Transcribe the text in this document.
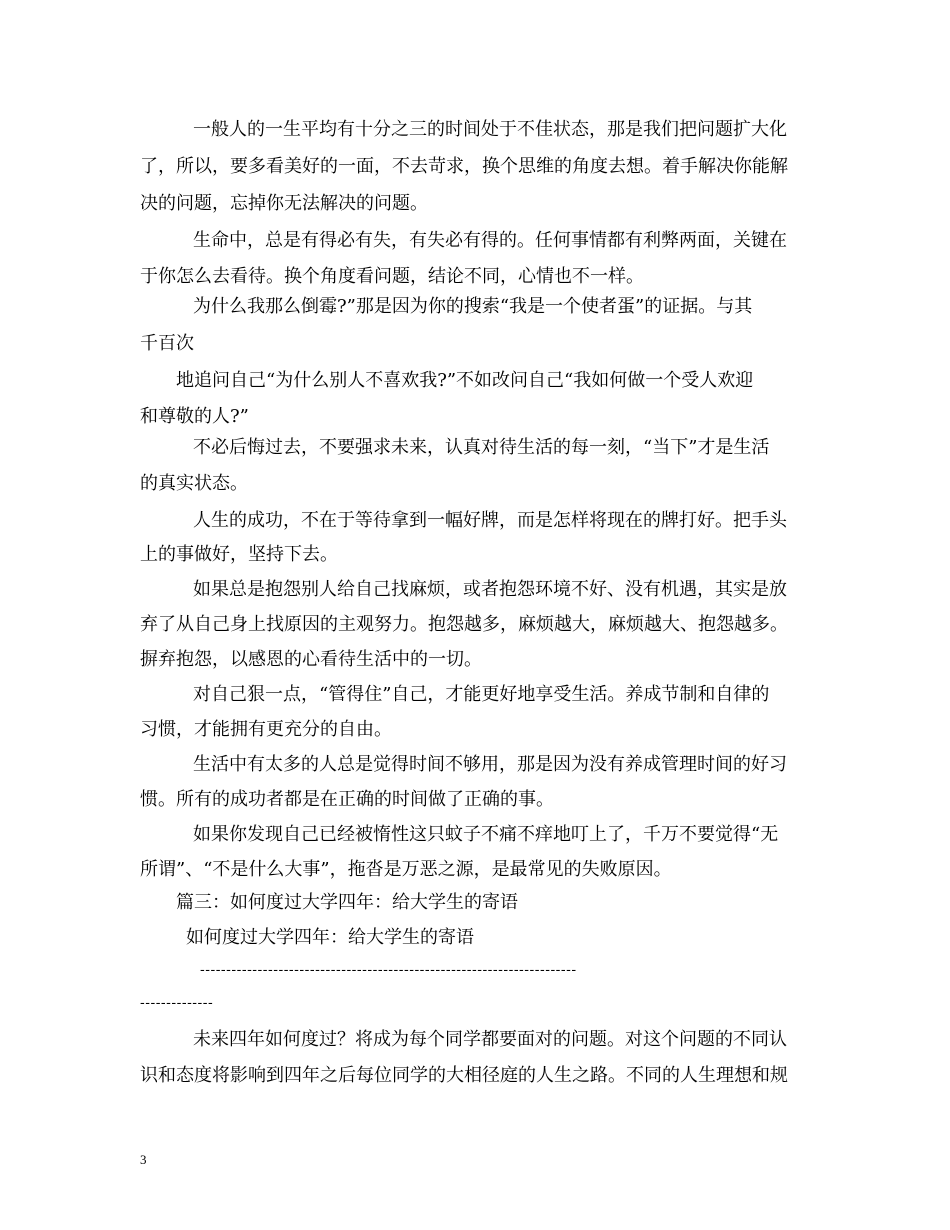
一般人的一生平均有十分之三的时间处于不佳状态，那是我们把问题扩大化
了，所以，要多看美好的一面，不去苛求，换个思维的角度去想。着手解决你能解
决的问题，忘掉你无法解决的问题。
生命中，总是有得必有失，有失必有得的。任何事情都有利弊两面，关键在
于你怎么去看待。换个角度看问题，结论不同，心情也不一样。
为什么我那么倒霉?”那是因为你的搜索“我是一个使者蛋”的证据。与其
千百次
地追问自己“为什么别人不喜欢我?”不如改问自己“我如何做一个受人欢迎
和尊敬的人?”
不必后悔过去，不要强求未来，认真对待生活的每一刻，“当下”才是生活
的真实状态。
人生的成功，不在于等待拿到一幅好牌，而是怎样将现在的牌打好。把手头
上的事做好，坚持下去。
如果总是抱怨别人给自己找麻烦，或者抱怨环境不好、没有机遇，其实是放
弃了从自己身上找原因的主观努力。抱怨越多，麻烦越大，麻烦越大、抱怨越多。
摒弃抱怨，以感恩的心看待生活中的一切。
对自己狠一点，“管得住”自己，才能更好地享受生活。养成节制和自律的
习惯，才能拥有更充分的自由。
生活中有太多的人总是觉得时间不够用，那是因为没有养成管理时间的好习
惯。所有的成功者都是在正确的时间做了正确的事。
如果你发现自己已经被惰性这只蚊子不痛不痒地叮上了，千万不要觉得“无
所谓”、“不是什么大事”，拖沓是万恶之源，是最常见的失败原因。
篇三：如何度过大学四年：给大学生的寄语
如何度过大学四年：给大学生的寄语
------------------------------------------------------------------------
--------------
未来四年如何度过？将成为每个同学都要面对的问题。对这个问题的不同认
识和态度将影响到四年之后每位同学的大相径庭的人生之路。不同的人生理想和规
3
